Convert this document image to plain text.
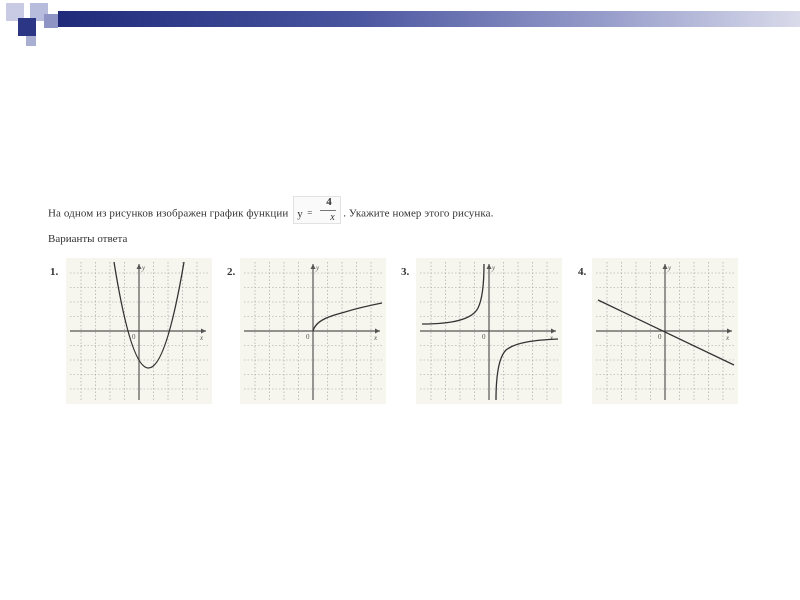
На одном из рисунков изображен график функции у =
4
x . Укажите номер этого рисунка.
Варианты ответа
1.	2.	3.	4.
x
y
0	x
y
0	x
y
0	x
y
0
